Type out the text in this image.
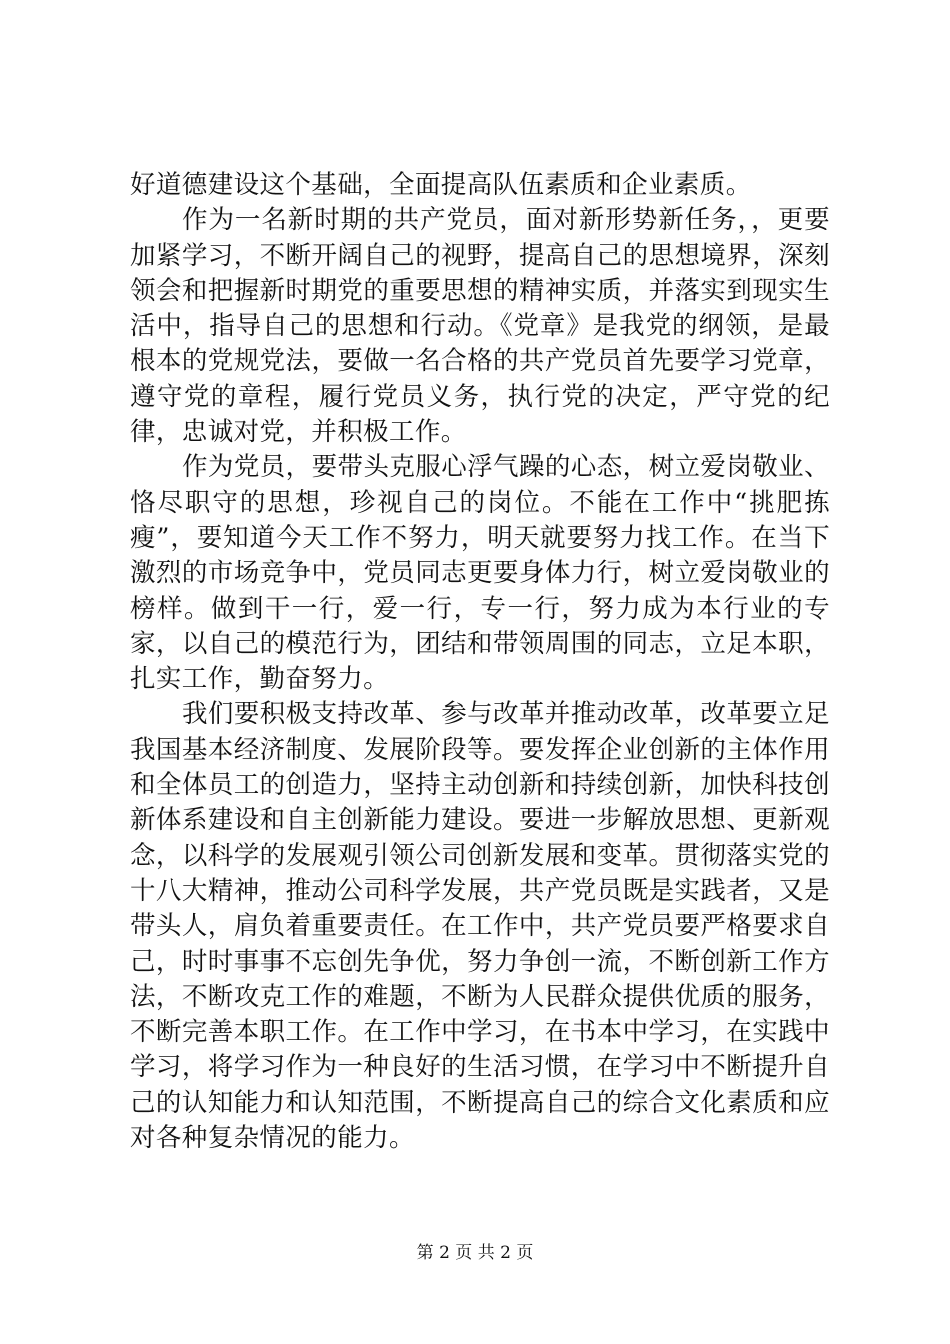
好道德建设这个基础，全面提高队伍素质和企业素质。

作为一名新时期的共产党员，面对新形势新任务，，更要加紧学习，不断开阔自己的视野，提高自己的思想境界，深刻领会和把握新时期党的重要思想的精神实质，并落实到现实生活中，指导自己的思想和行动。《党章》是我党的纲领，是最根本的党规党法，要做一名合格的共产党员首先要学习党章，遵守党的章程，履行党员义务，执行党的决定，严守党的纪律，忠诚对党，并积极工作。

作为党员，要带头克服心浮气躁的心态，树立爱岗敬业、恪尽职守的思想，珍视自己的岗位。不能在工作中“挑肥拣瘦”，要知道今天工作不努力，明天就要努力找工作。在当下激烈的市场竞争中，党员同志更要身体力行，树立爱岗敬业的榜样。做到干一行，爱一行，专一行，努力成为本行业的专家，以自己的模范行为，团结和带领周围的同志，立足本职，扎实工作，勤奋努力。

我们要积极支持改革、参与改革并推动改革，改革要立足我国基本经济制度、发展阶段等。要发挥企业创新的主体作用和全体员工的创造力，坚持主动创新和持续创新，加快科技创新体系建设和自主创新能力建设。要进一步解放思想、更新观念，以科学的发展观引领公司创新发展和变革。贯彻落实党的十八大精神，推动公司科学发展，共产党员既是实践者，又是带头人，肩负着重要责任。在工作中，共产党员要严格要求自己，时时事事不忘创先争优，努力争创一流，不断创新工作方法，不断攻克工作的难题，不断为人民群众提供优质的服务，不断完善本职工作。在工作中学习，在书本中学习，在实践中学习，将学习作为一种良好的生活习惯，在学习中不断提升自己的认知能力和认知范围，不断提高自己的综合文化素质和应对各种复杂情况的能力。

第 2 页 共 2 页
